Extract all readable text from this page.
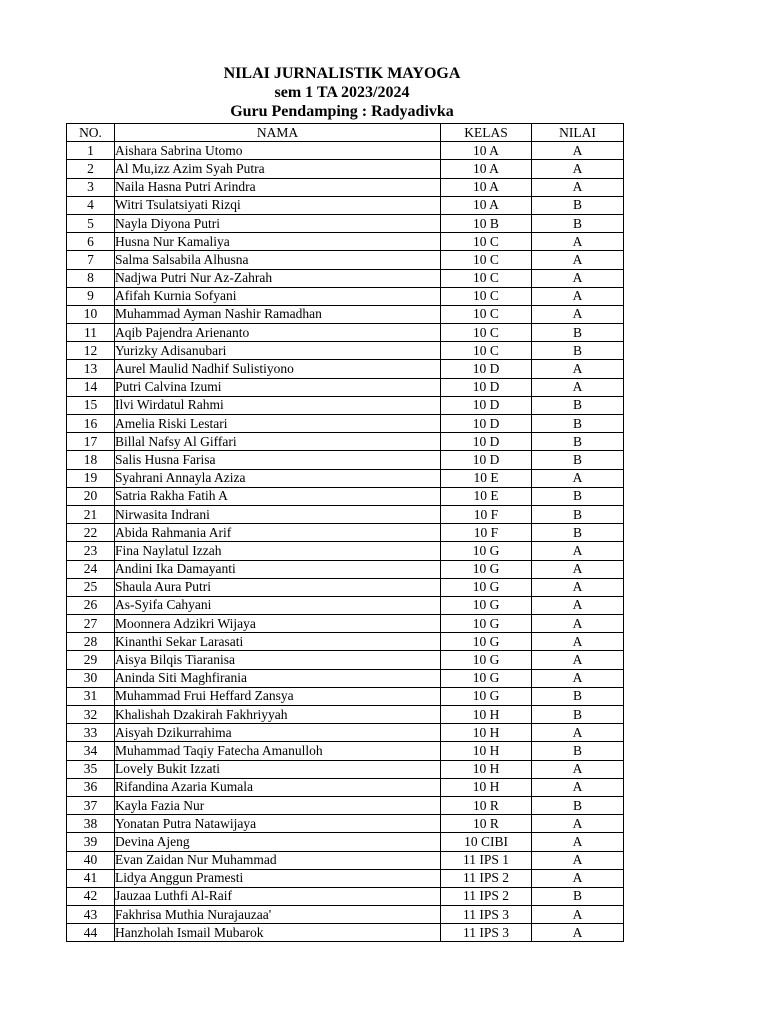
NILAI JURNALISTIK MAYOGA
sem 1 TA 2023/2024
Guru Pendamping : Radyadivka
NO.	NAMA	KELAS	NILAI
1	Aishara Sabrina Utomo	10 A	A
2	Al Mu,izz Azim Syah Putra	10 A	A
3	Naila Hasna Putri Arindra	10 A	A
4	Witri Tsulatsiyati Rizqi	10 A	B
5	Nayla Diyona Putri	10 B	B
6	Husna Nur Kamaliya	10 C	A
7	Salma Salsabila Alhusna	10 C	A
8	Nadjwa Putri Nur Az-Zahrah	10 C	A
9	Afifah Kurnia Sofyani	10 C	A
10	Muhammad Ayman Nashir Ramadhan	10 C	A
11	Aqib Pajendra Arienanto	10 C	B
12	Yurizky Adisanubari	10 C	B
13	Aurel Maulid Nadhif Sulistiyono	10 D	A
14	Putri Calvina Izumi	10 D	A
15	Ilvi Wirdatul Rahmi	10 D	B
16	Amelia Riski Lestari	10 D	B
17	Billal Nafsy Al Giffari	10 D	B
18	Salis Husna Farisa	10 D	B
19	Syahrani Annayla Aziza	10 E	A
20	Satria Rakha Fatih A	10 E	B
21	Nirwasita Indrani	10 F	B
22	Abida Rahmania Arif	10 F	B
23	Fina Naylatul Izzah	10 G	A
24	Andini Ika Damayanti	10 G	A
25	Shaula Aura Putri	10 G	A
26	As-Syifa Cahyani	10 G	A
27	Moonnera Adzikri Wijaya	10 G	A
28	Kinanthi Sekar Larasati	10 G	A
29	Aisya Bilqis Tiaranisa	10 G	A
30	Aninda Siti Maghfirania	10 G	A
31	Muhammad Frui Heffard Zansya	10 G	B
32	Khalishah Dzakirah Fakhriyyah	10 H	B
33	Aisyah Dzikurrahima	10 H	A
34	Muhammad Taqiy Fatecha Amanulloh	10 H	B
35	Lovely Bukit Izzati	10 H	A
36	Rifandina Azaria Kumala	10 H	A
37	Kayla Fazia Nur	10 R	B
38	Yonatan Putra Natawijaya	10 R	A
39	Devina Ajeng	10 CIBI	A
40	Evan Zaidan Nur Muhammad	11 IPS 1	A
41	Lidya Anggun Pramesti	11 IPS 2	A
42	Jauzaa Luthfi Al-Raif	11 IPS 2	B
43	Fakhrisa Muthia Nurajauzaa'	11 IPS 3	A
44	Hanzholah Ismail Mubarok	11 IPS 3	A
